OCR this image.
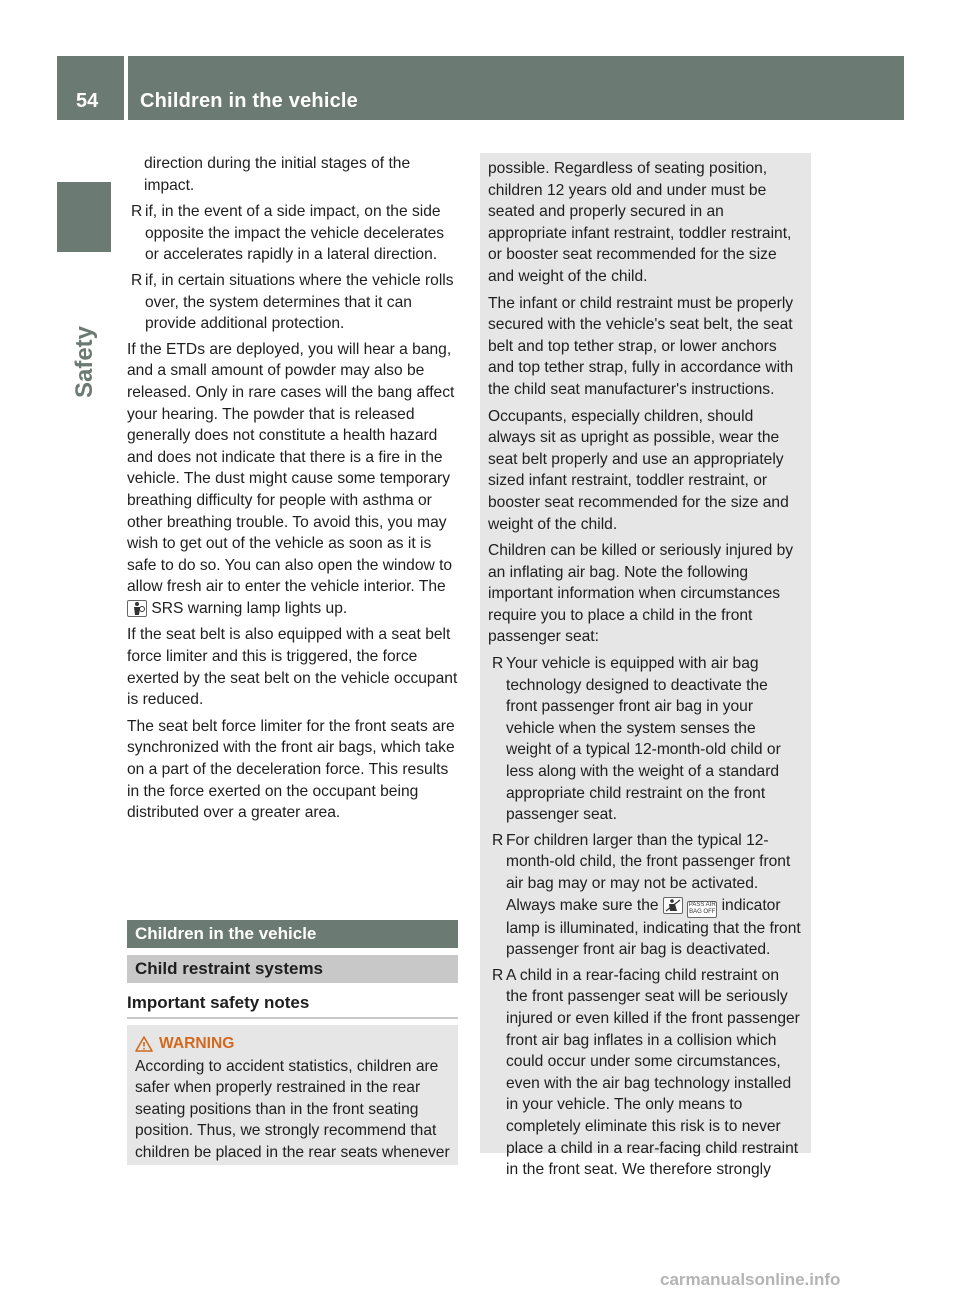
54 Children in the vehicle
Safety

direction during the initial stages of the impact.

R if, in the event of a side impact, on the side opposite the impact the vehicle decelerates or accelerates rapidly in a lateral direction.
R if, in certain situations where the vehicle rolls over, the system determines that it can provide additional protection.

If the ETDs are deployed, you will hear a bang, and a small amount of powder may also be released. Only in rare cases will the bang affect your hearing. The powder that is released generally does not constitute a health hazard and does not indicate that there is a fire in the vehicle. The dust might cause some temporary breathing difficulty for people with asthma or other breathing trouble. To avoid this, you may wish to get out of the vehicle as soon as it is safe to do so. You can also open the window to allow fresh air to enter the vehicle interior. The  SRS warning lamp lights up.

If the seat belt is also equipped with a seat belt force limiter and this is triggered, the force exerted by the seat belt on the vehicle occupant is reduced.

The seat belt force limiter for the front seats are synchronized with the front air bags, which take on a part of the deceleration force. This results in the force exerted on the occupant being distributed over a greater area.

Children in the vehicle
Child restraint systems
Important safety notes
WARNING

According to accident statistics, children are safer when properly restrained in the rear seating positions than in the front seating position. Thus, we strongly recommend that children be placed in the rear seats whenever

possible. Regardless of seating position, children 12 years old and under must be seated and properly secured in an appropriate infant restraint, toddler restraint, or booster seat recommended for the size and weight of the child.

The infant or child restraint must be properly secured with the vehicle's seat belt, the seat belt and top tether strap, or lower anchors and top tether strap, fully in accordance with the child seat manufacturer's instructions.

Occupants, especially children, should always sit as upright as possible, wear the seat belt properly and use an appropriately sized infant restraint, toddler restraint, or booster seat recommended for the size and weight of the child.

Children can be killed or seriously injured by an inflating air bag. Note the following important information when circumstances require you to place a child in the front passenger seat:

R Your vehicle is equipped with air bag technology designed to deactivate the front passenger front air bag in your vehicle when the system senses the weight of a typical 12-month-old child or less along with the weight of a standard appropriate child restraint on the front passenger seat.
R For children larger than the typical 12-month-old child, the front passenger front air bag may or may not be activated. Always make sure the	PASS AIR BAG OFF indicator lamp is illuminated, indicating that the front passenger front air bag is deactivated.
R A child in a rear-facing child restraint on the front passenger seat will be seriously injured or even killed if the front passenger front air bag inflates in a collision which could occur under some circumstances, even with the air bag technology installed in your vehicle. The only means to completely eliminate this risk is to never place a child in a rear-facing child restraint in the front seat. We therefore strongly
carmanualsonline.info
